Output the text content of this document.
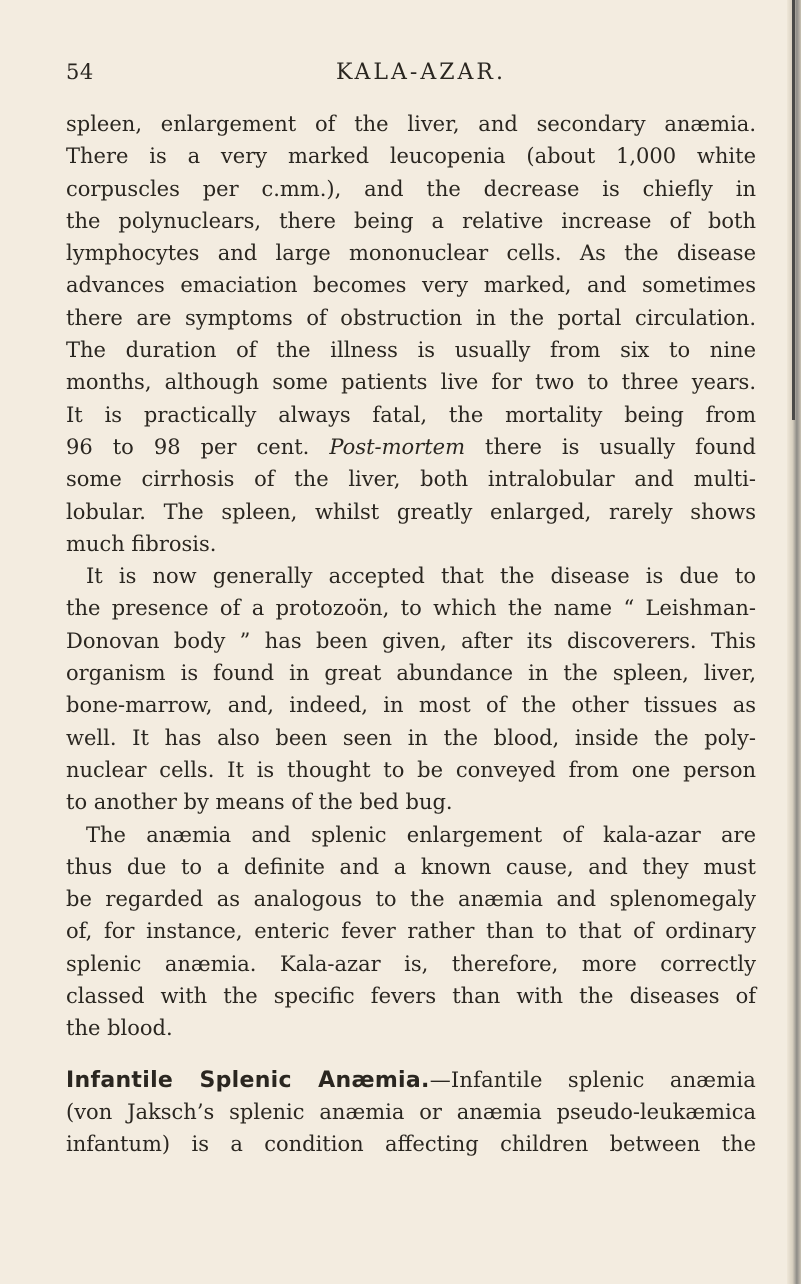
54	KALA-AZAR.
spleen, enlargement of the liver, and secondary anæmia.
There is a very marked leucopenia (about 1,000 white
corpuscles per c.mm.), and the decrease is chiefly in
the polynuclears, there being a relative increase of both
lymphocytes and large mononuclear cells. As the disease
advances emaciation becomes very marked, and sometimes
there are symptoms of obstruction in the portal circulation.
The duration of the illness is usually from six to nine
months, although some patients live for two to three years.
It is practically always fatal, the mortality being from
96 to 98 per cent. Post-mortem there is usually found
some cirrhosis of the liver, both intralobular and multi-
lobular. The spleen, whilst greatly enlarged, rarely shows
much fibrosis.
It is now generally accepted that the disease is due to
the presence of a protozoön, to which the name “ Leishman-
Donovan body ” has been given, after its discoverers. This
organism is found in great abundance in the spleen, liver,
bone-marrow, and, indeed, in most of the other tissues as
well. It has also been seen in the blood, inside the poly-
nuclear cells. It is thought to be conveyed from one person
to another by means of the bed bug.
The anæmia and splenic enlargement of kala-azar are
thus due to a definite and a known cause, and they must
be regarded as analogous to the anæmia and splenomegaly
of, for instance, enteric fever rather than to that of ordinary
splenic anæmia. Kala-azar is, therefore, more correctly
classed with the specific fevers than with the diseases of
the blood.
Infantile Splenic Anæmia.—Infantile splenic anæmia
(von Jaksch’s splenic anæmia or anæmia pseudo-leukæmica
infantum) is a condition affecting children between the
